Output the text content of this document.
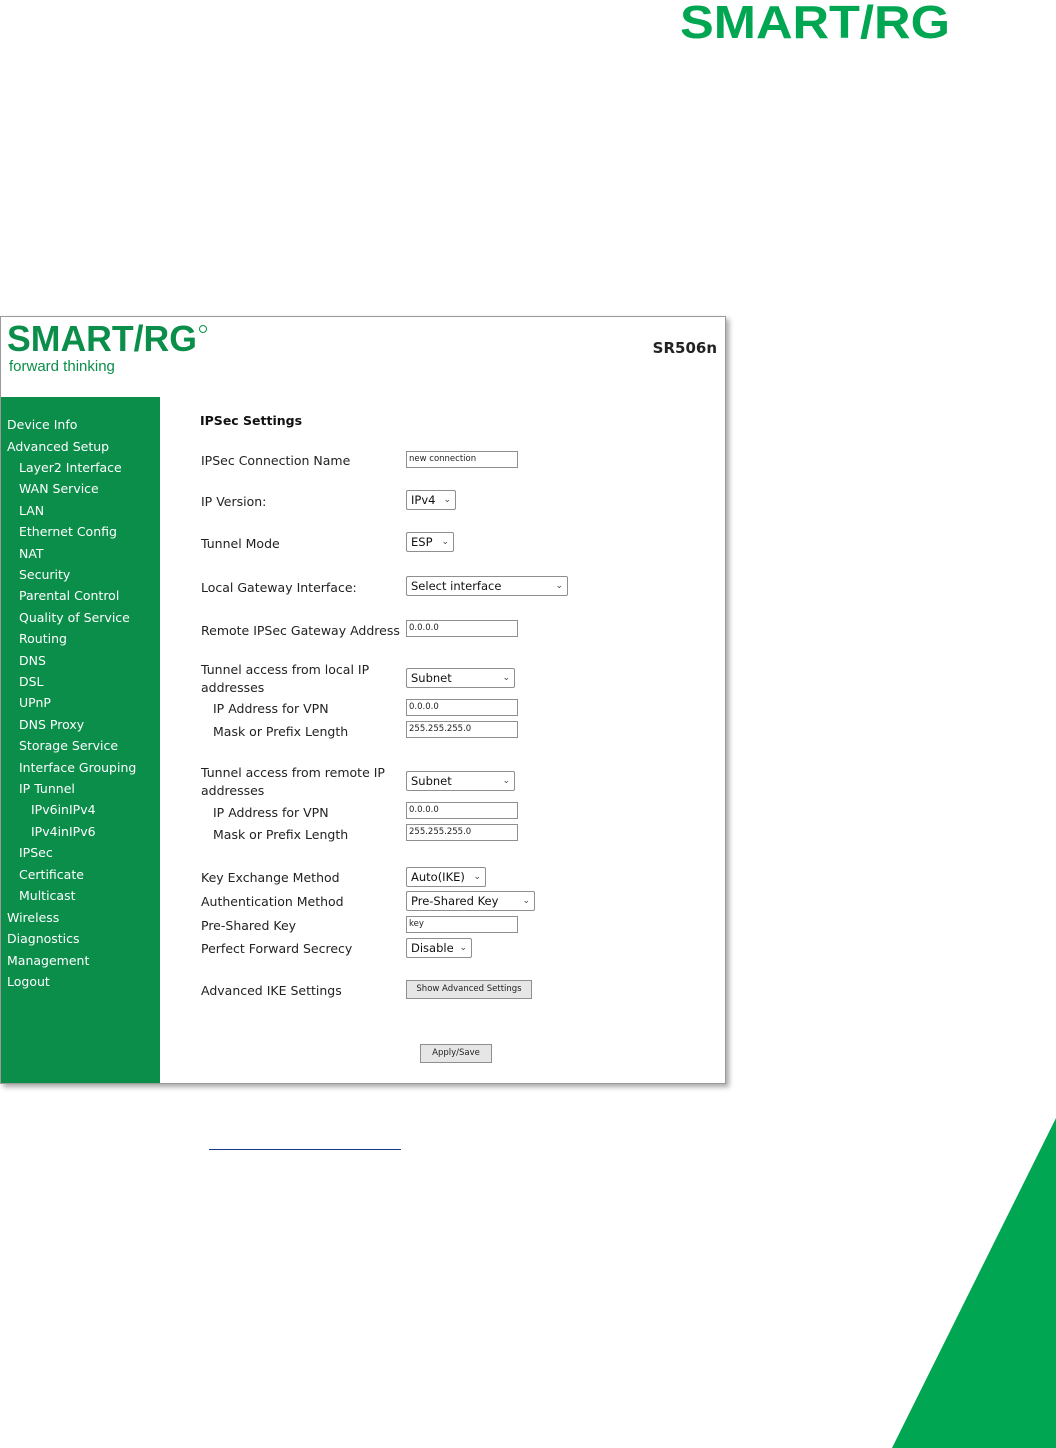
SMART/RG
SMART/RG
forward thinking
SR506n
Device Info
Advanced Setup
Layer2 Interface
WAN Service
LAN
Ethernet Config
NAT
Security
Parental Control
Quality of Service
Routing
DNS
DSL
UPnP
DNS Proxy
Storage Service
Interface Grouping
IP Tunnel
IPv6inIPv4
IPv4inIPv6
IPSec
Certificate
Multicast
Wireless
Diagnostics
Management
Logout
IPSec Settings
IPSec Connection Name	new connection
IP Version:	IPv4 ⌄
Tunnel Mode	ESP ⌄
Local Gateway Interface:	Select interface	⌄
Remote IPSec Gateway Address	0.0.0.0
Tunnel access from local IP
addresses
Subnet	⌄
IP Address for VPN	0.0.0.0
Mask or Prefix Length	255.255.255.0
Tunnel access from remote IP
addresses
Subnet	⌄
IP Address for VPN	0.0.0.0
Mask or Prefix Length	255.255.255.0
Key Exchange Method	Auto(IKE) ⌄
Authentication Method	Pre-Shared Key	⌄
Pre-Shared Key	key
Perfect Forward Secrecy	Disable ⌄
Advanced IKE Settings	Show Advanced Settings
Apply/Save
